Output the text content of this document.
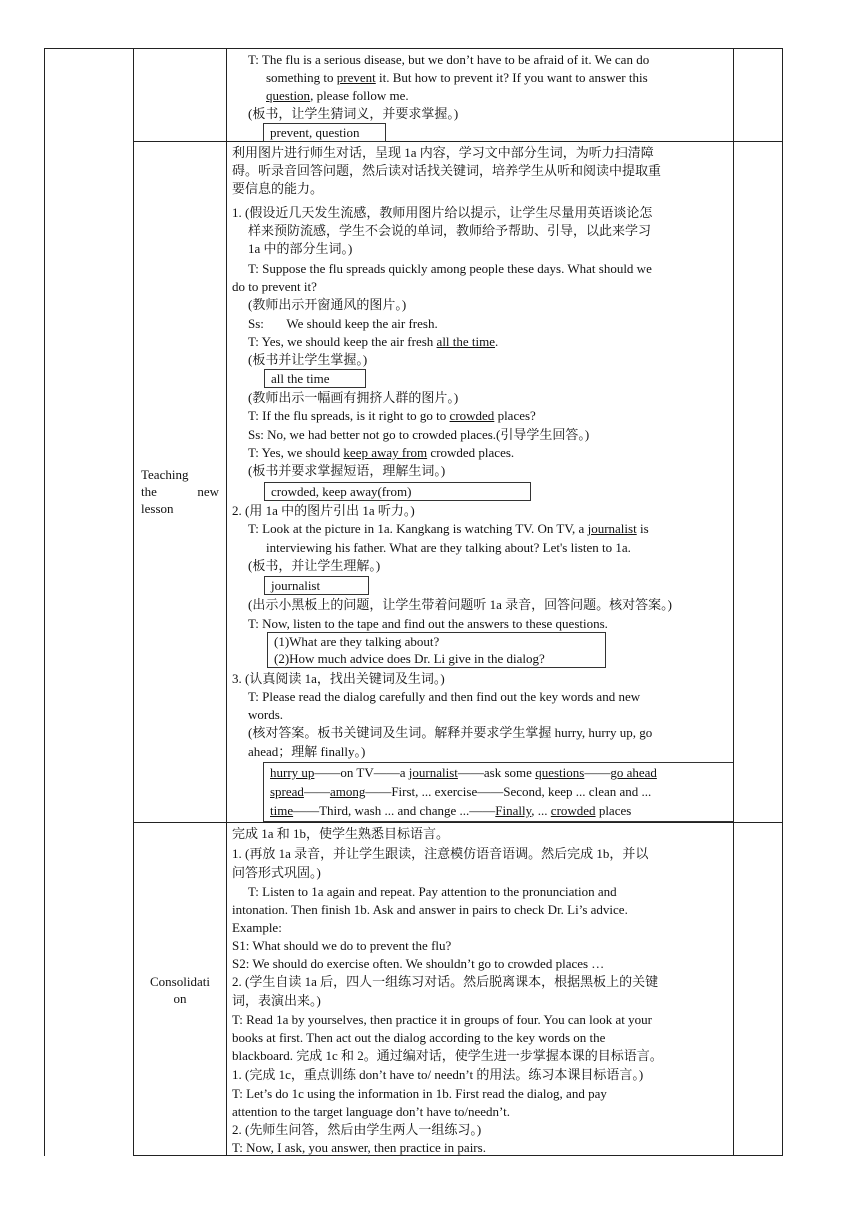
T: The flu is a serious disease, but we don’t have to be afraid of it. We can do
something to prevent it. But how to prevent it? If you want to answer this
question, please follow me.
(板书，让学生猜词义，并要求掌握。)
prevent, question
Teaching
the	new
lesson
利用图片进行师生对话，呈现 1a 内容，学习文中部分生词，为听力扫清障
碍。听录音回答问题，然后读对话找关键词，培养学生从听和阅读中提取重
要信息的能力。
1. (假设近几天发生流感，教师用图片给以提示，让学生尽量用英语谈论怎
样来预防流感，学生不会说的单词，教师给予帮助、引导，以此来学习
1a 中的部分生词。)
T: Suppose the flu spreads quickly among people these days. What should we
do to prevent it?
(教师出示开窗通风的图片。)
Ss:       We should keep the air fresh.
T: Yes, we should keep the air fresh all the time.
(板书并让学生掌握。)
all the time
(教师出示一幅画有拥挤人群的图片。)
T: If the flu spreads, is it right to go to crowded places?
Ss: No, we had better not go to crowded places.(引导学生回答。)
T: Yes, we should keep away from crowded places.
(板书并要求掌握短语，理解生词。)
crowded, keep away(from)
2. (用 1a 中的图片引出 1a 听力。)
T: Look at the picture in 1a. Kangkang is watching TV. On TV, a journalist is
interviewing his father. What are they talking about? Let's listen to 1a.
(板书，并让学生理解。)
journalist
(出示小黑板上的问题，让学生带着问题听 1a 录音，回答问题。核对答案。)
T: Now, listen to the tape and find out the answers to these questions.
(1)What are they talking about?
(2)How much advice does Dr. Li give in the dialog?
3. (认真阅读 1a，找出关键词及生词。)
T: Please read the dialog carefully and then find out the key words and new
words.
(核对答案。板书关键词及生词。解释并要求学生掌握 hurry, hurry up, go
ahead；理解 finally。)
hurry up——on TV——a journalist——ask some questions——go ahead
spread——among——First, ... exercise——Second, keep ... clean and ...
time——Third, wash ... and change ...——Finally, ... crowded places
Consolidati
on
完成 1a 和 1b，使学生熟悉目标语言。
1. (再放 1a 录音，并让学生跟读，注意模仿语音语调。然后完成 1b，并以
问答形式巩固。)
T: Listen to 1a again and repeat. Pay attention to the pronunciation and
intonation. Then finish 1b. Ask and answer in pairs to check Dr. Li’s advice.
Example:
S1: What should we do to prevent the flu?
S2: We should do exercise often. We shouldn’t go to crowded places …
2. (学生自读 1a 后，四人一组练习对话。然后脱离课本，根据黑板上的关键
词，表演出来。)
T: Read 1a by yourselves, then practice it in groups of four. You can look at your
books at first. Then act out the dialog according to the key words on the
blackboard. 完成 1c 和 2。通过编对话，使学生进一步掌握本课的目标语言。
1. (完成 1c，重点训练 don’t have to/ needn’t 的用法。练习本课目标语言。)
T: Let’s do 1c using the information in 1b. First read the dialog, and pay
attention to the target language don’t have to/needn’t.
2. (先师生问答，然后由学生两人一组练习。)
T: Now, I ask, you answer, then practice in pairs.
